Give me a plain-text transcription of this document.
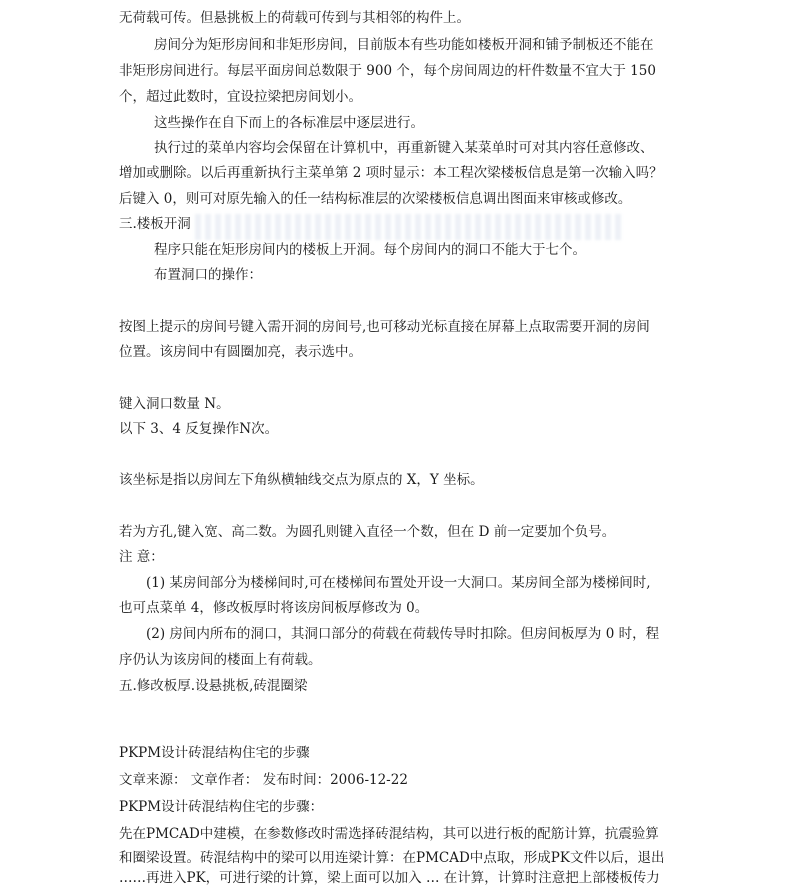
无荷载可传。但悬挑板上的荷载可传到与其相邻的构件上。
房间分为矩形房间和非矩形房间，目前版本有些功能如楼板开洞和铺予制板还不能在
非矩形房间进行。每层平面房间总数限于 900 个，每个房间周边的杆件数量不宜大于 150
个，超过此数时，宜设拉梁把房间划小。
这些操作在自下而上的各标准层中逐层进行。
执行过的菜单内容均会保留在计算机中，再重新键入某菜单时可对其内容任意修改、
增加或删除。以后再重新执行主菜单第 2 项时显示：本工程次梁楼板信息是第一次输入吗？
后键入 0，则可对原先输入的任一结构标准层的次梁楼板信息调出图面来审核或修改。
三.楼板开洞
程序只能在矩形房间内的楼板上开洞。每个房间内的洞口不能大于七个。
布置洞口的操作：
按图上提示的房间号键入需开洞的房间号,也可移动光标直接在屏幕上点取需要开洞的房间
位置。该房间中有圆圈加亮，表示选中。
键入洞口数量 N。
以下 3、4 反复操作N次。
该坐标是指以房间左下角纵横轴线交点为原点的 X，Y 坐标。
若为方孔,键入宽、高二数。为圆孔则键入直径一个数，但在 D 前一定要加个负号。
注 意：
(1) 某房间部分为楼梯间时,可在楼梯间布置处开设一大洞口。某房间全部为楼梯间时,
也可点菜单 4，修改板厚时将该房间板厚修改为 0。
(2) 房间内所布的洞口，其洞口部分的荷载在荷载传导时扣除。但房间板厚为 0 时，程
序仍认为该房间的楼面上有荷载。
五.修改板厚.设悬挑板,砖混圈梁
PKPM设计砖混结构住宅的步骤
文章来源： 文章作者： 发布时间：2006-12-22
PKPM设计砖混结构住宅的步骤：
先在PMCAD中建模，在参数修改时需选择砖混结构，其可以进行板的配筋计算，抗震验算
和圈梁设置。砖混结构中的梁可以用连梁计算：在PMCAD中点取，形成PK文件以后，退出
……再进入PK，可进行梁的计算，梁上面可以加入 … 在计算，计算时注意把上部楼板传力
